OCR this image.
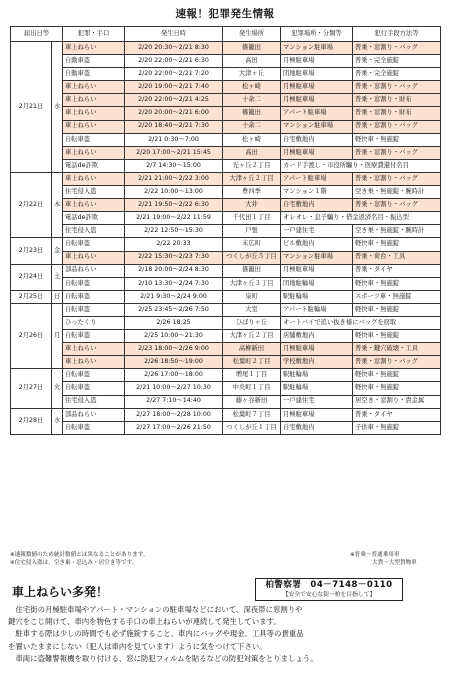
速報！犯罪発生情報
届出日等		犯罪・手口	発生日時	発生場所	犯罪場所・分類等	犯行手段方法等
2月21日	水	車上ねらい	2/20 20:30～2/21 8:30	篠籠田	マンション駐車場	普乗・窓割り・バッグ
		自動車盗	2/20 22:00～2/21 6:30	高田	月極駐車場	普乗・完全施錠
		自動車盗	2/20 22:00～2/21 7:20	大津ヶ丘	団地駐車場	普乗・完全施錠
		車上ねらい	2/20 19:00～2/21 7:40	松ヶ崎	月極駐車場	普乗・窓割り・バッグ
		車上ねらい	2/20 22:00～2/21 4:25	十余二	月極駐車場	普乗・窓割り・財布
		車上ねらい	2/20 20:00～2/21 6:00	篠籠田	アパート駐車場	普乗・窓割り・財布
		車上ねらい	2/20 18:40～2/21 7:30	十余二	マンション駐車場	普乗・窓割り・バッグ
		自転車盗	2/21 0:30～7:00	松ヶ崎	自宅敷地内	軽快車・無施錠
		車上ねらい	2/20 17:00～2/21 15:45	高田	月極駐車場	普乗・窓割り・バッグ
		電話de詐欺	2/7 14:30～15:00	光ヶ丘２丁目	カード手渡し・市役所騙り・医療費還付名目	
2月22日	木	車上ねらい	2/21 21:00～2/22 3:00	大津ヶ丘２丁目	アパート駐車場	普乗・窓割り・バッグ
		住宅侵入盗	2/22 10:00～13:00	豊四季	マンション１階	空き巣・無施錠・腕時計
		車上ねらい	2/21 19:50～2/22 6:30	大井	自宅敷地内	普乗・窓割り・バッグ
		電話de詐欺	2/21 19:00～2/22 11:59	千代田１丁目	オレオレ・息子騙り・借金返済名目・振込型	
		住宅侵入盗	2/22 12:50～15:30	戸張	一戸建住宅	空き巣・無施錠・腕時計
2月23日	金	自転車盗	2/22 20:33	末広町	ビル敷地内	軽快車・無施錠
		車上ねらい	2/22 15:30～2/23 7:30	つくしが丘５丁目	マンション駐車場	普乗・荷台・工具
2月24日	土	部品ねらい	2/18 20:00～2/24 8:30	篠籠田	月極駐車場	普乗・タイヤ
		自転車盗	2/10 13:30～2/24 7:30	大津ヶ丘３丁目	団地駐輪場	軽快車・無施錠
2月25日	日	自転車盗	2/21 9:30～2/24 9:00	泉町	駅駐輪場	スポーツ車・無施錠
2月26日	月	自転車盗	2/25 23:45～2/26 7:50	大室	アパート駐輪場	軽快車・無施錠
		ひったくり	2/26 18:25	ひばりヶ丘	オートバイで追い抜き様にバッグを窃取	
		自転車盗	2/25 10:00～21:30	大津ヶ丘２丁目	店舗敷地内	軽快車・無施錠
		車上ねらい	2/23 18:00～2/26 9:00	高柳新田	月極駐車場	普乗・鍵穴破壊・工具
		車上ねらい	2/26 18:50～19:00	松葉町２丁目	学校敷地内	普乗・窓割り・バッグ
2月27日	火	自転車盗	2/26 17:00～18:00	増尾１丁目	駅駐輪場	軽快車・無施錠
		自転車盗	2/21 10:00～2/27 10:30	中央町１丁目	駅駐輪場	軽快車・無施錠
		住宅侵入盗	2/27 7:10～14:40	藤ヶ谷新田	一戸建住宅	居空き・窓割り・貴金属
2月28日	水	部品ねらい	2/27 18:00～2/28 10:00	松葉町７丁目	月極駐車場	普乗・タイヤ
		自転車盗	2/27 17:00～2/26 21:50	つくしが丘１丁目	自宅敷地内	子供車・無施錠
※速報数値のため統計数値とは異なることがあります。
※住宅侵入盗は、空き巣・忍込み・居空き等です。
※普乗～普通乗用車
大貨～大型貨物車
柏警察署　04－7148－0110
【安全で安心な街～柏を目指して】
車上ねらい多発！

　住宅街の月極駐車場やアパート・マンションの駐車場などにおいて、深夜帯に窓割りや

鍵穴をこじ開けて、車内を物色する手口の車上ねらいが連続して発生しています。

　駐車する際は少しの時間でも必ず施錠すること、車内にバッグや現金、工具等の貴重品

を置いたままにしない（犯人は車内を見ています）ように気をつけて下さい。

　車両に盗難警報機を取り付ける、窓に防犯フィルムを貼るなどの防犯対策をとりましょう。
